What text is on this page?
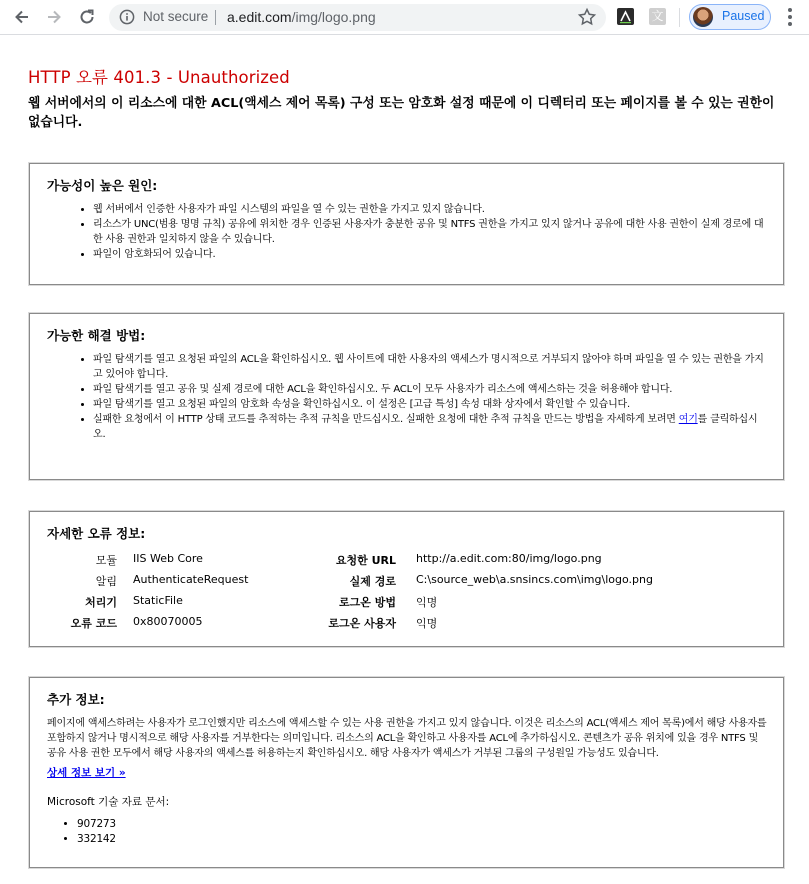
Not secure a.edit.com/img/logo.png	文	Paused
HTTP 오류 401.3 - Unauthorized

웹 서버에서의 이 리소스에 대한 ACL(액세스 제어 목록) 구성 또는 암호화 설정 때문에 이 디렉터리 또는 페이지를 볼 수 있는 권한이 없습니다.

가능성이 높은 원인:
• 웹 서버에서 인증한 사용자가 파일 시스템의 파일을 열 수 있는 권한을 가지고 있지 않습니다.
• 리소스가 UNC(범용 명명 규칙) 공유에 위치한 경우 인증된 사용자가 충분한 공유 및 NTFS 권한을 가지고 있지 않거나 공유에 대한 사용 권한이 실제 경로에 대한 사용 권한과 일치하지 않을 수 있습니다.
• 파일이 암호화되어 있습니다.
가능한 해결 방법:
• 파일 탐색기를 열고 요청된 파일의 ACL을 확인하십시오. 웹 사이트에 대한 사용자의 액세스가 명시적으로 거부되지 않아야 하며 파일을 열 수 있는 권한을 가지고 있어야 합니다.
• 파일 탐색기를 열고 공유 및 실제 경로에 대한 ACL을 확인하십시오. 두 ACL이 모두 사용자가 리소스에 액세스하는 것을 허용해야 합니다.
• 파일 탐색기를 열고 요청된 파일의 암호화 속성을 확인하십시오. 이 설정은 [고급 특성] 속성 대화 상자에서 확인할 수 있습니다.
• 실패한 요청에서 이 HTTP 상태 코드를 추적하는 추적 규칙을 만드십시오. 실패한 요청에 대한 추적 규칙을 만드는 방법을 자세하게 보려면 여기를 클릭하십시오.
자세한 오류 정보:
모듈 IIS Web Core
알림 AuthenticateRequest
처리기 StaticFile
오류 코드 0x80070005
요청한 URL http://a.edit.com:80/img/logo.png
실제 경로 C:\source_web\a.snsincs.com\img\logo.png
로그온 방법 익명
로그온 사용자 익명
추가 정보:

페이지에 액세스하려는 사용자가 로그인했지만 리소스에 액세스할 수 있는 사용 권한을 가지고 있지 않습니다. 이것은 리소스의 ACL(액세스 제어 목록)에서 해당 사용자를 포함하지 않거나 명시적으로 해당 사용자를 거부한다는 의미입니다. 리소스의 ACL을 확인하고 사용자를 ACL에 추가하십시오. 콘텐츠가 공유 위치에 있을 경우 NTFS 및 공유 사용 권한 모두에서 해당 사용자의 액세스를 허용하는지 확인하십시오. 해당 사용자가 액세스가 거부된 그룹의 구성원일 가능성도 있습니다.

상세 정보 보기 »

Microsoft 기술 자료 문서:

• 907273
• 332142
